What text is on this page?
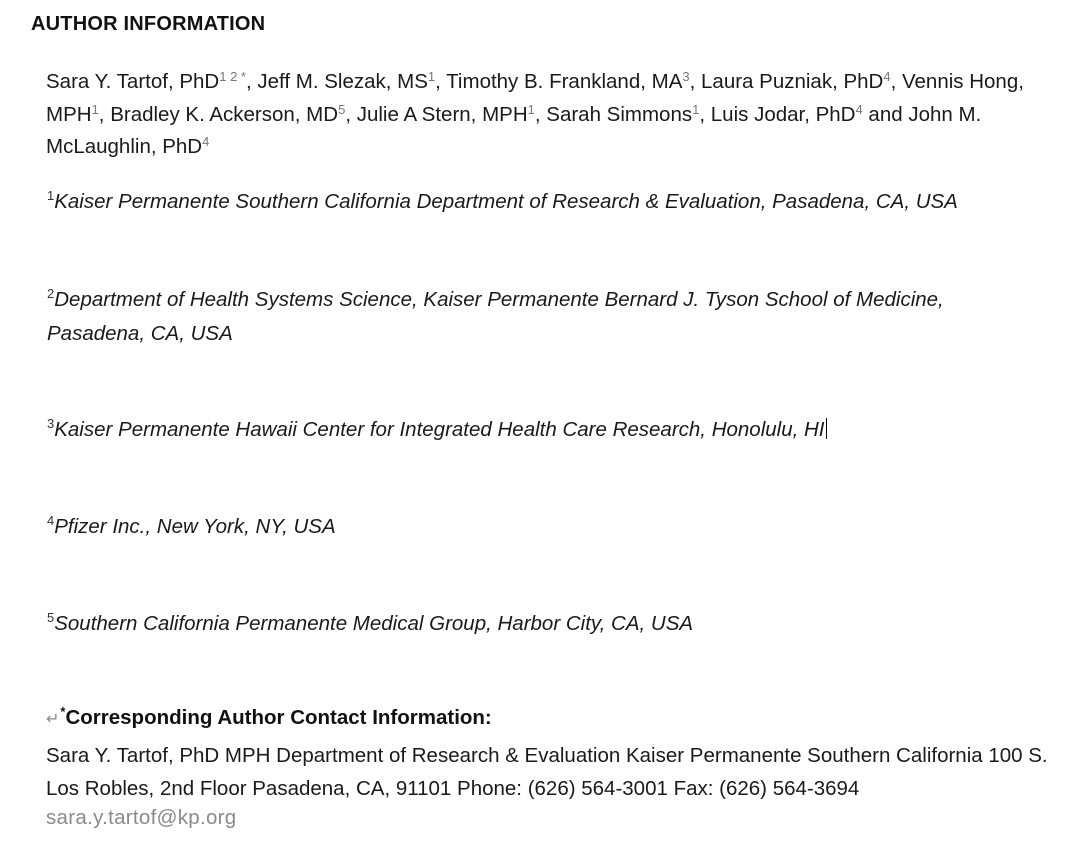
AUTHOR INFORMATION
Sara Y. Tartof, PhD$^{1 2 *}$, Jeff M. Slezak, $MS^1$, Timothy B. Frankland, $MA^3$, Laura Puzniak, PhD$^4$, Vennis Hong, MPH$^1$, Bradley K. Ackerson, $MD^5$, Julie A Stern, MPH$^1$, Sarah Simmons$^1$, Luis Jodar, PhD$^4$ and John M. McLaughlin, PhD$^4$
$^1$Kaiser Permanente Southern California Department of Research & Evaluation, Pasadena, CA, USA
$^2$Department of Health Systems Science, Kaiser Permanente Bernard J. Tyson School of Medicine, Pasadena, CA, USA
$^3$Kaiser Permanente Hawaii Center for Integrated Health Care Research, Honolulu, HI
$^4$Pfizer Inc., New York, NY, USA
$^5$Southern California Permanente Medical Group, Harbor City, CA, USA
↵*Corresponding Author Contact Information:
Sara Y. Tartof, PhD MPH Department of Research & Evaluation Kaiser Permanente Southern California 100 S. Los Robles, 2nd Floor Pasadena, CA, 91101 Phone: (626) 564-3001 Fax: (626) 564-3694
sara.y.tartof@kp.org
